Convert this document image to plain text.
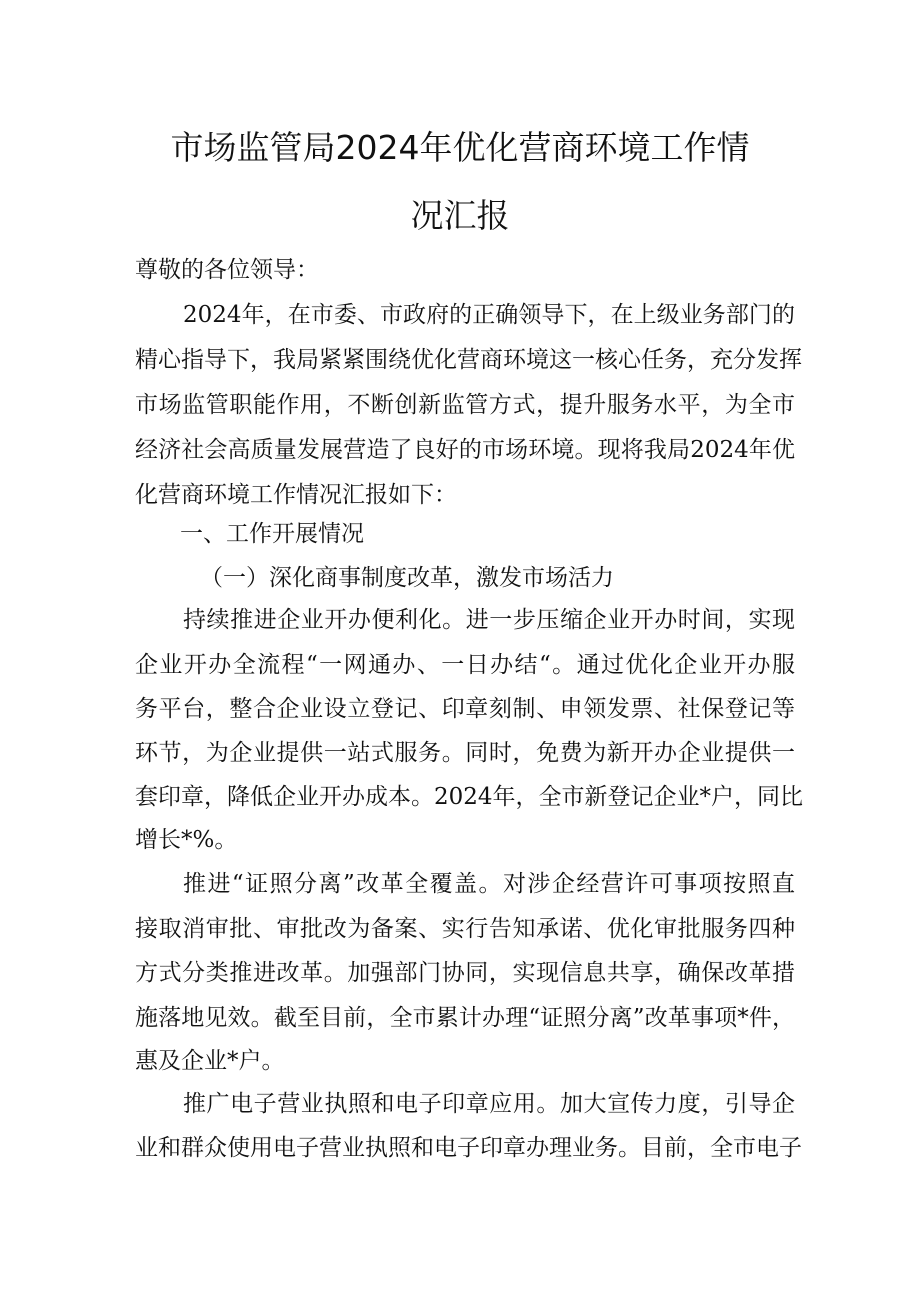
市场监管局2024年优化营商环境工作情
况汇报
尊敬的各位领导：
2024年，在市委、市政府的正确领导下，在上级业务部门的
精心指导下，我局紧紧围绕优化营商环境这一核心任务，充分发挥
市场监管职能作用，不断创新监管方式，提升服务水平，为全市
经济社会高质量发展营造了良好的市场环境。现将我局2024年优
化营商环境工作情况汇报如下：
一、工作开展情况
（一）深化商事制度改革，激发市场活力
持续推进企业开办便利化。进一步压缩企业开办时间，实现
企业开办全流程“一网通办、一日办结“。通过优化企业开办服
务平台，整合企业设立登记、印章刻制、申领发票、社保登记等
环节，为企业提供一站式服务。同时，免费为新开办企业提供一
套印章，降低企业开办成本。2024年，全市新登记企业*户，同比
增长*%。
推进“证照分离”改革全覆盖。对涉企经营许可事项按照直
接取消审批、审批改为备案、实行告知承诺、优化审批服务四种
方式分类推进改革。加强部门协同，实现信息共享，确保改革措
施落地见效。截至目前，全市累计办理“证照分离”改革事项*件，
惠及企业*户。
推广电子营业执照和电子印章应用。加大宣传力度，引导企
业和群众使用电子营业执照和电子印章办理业务。目前，全市电子
